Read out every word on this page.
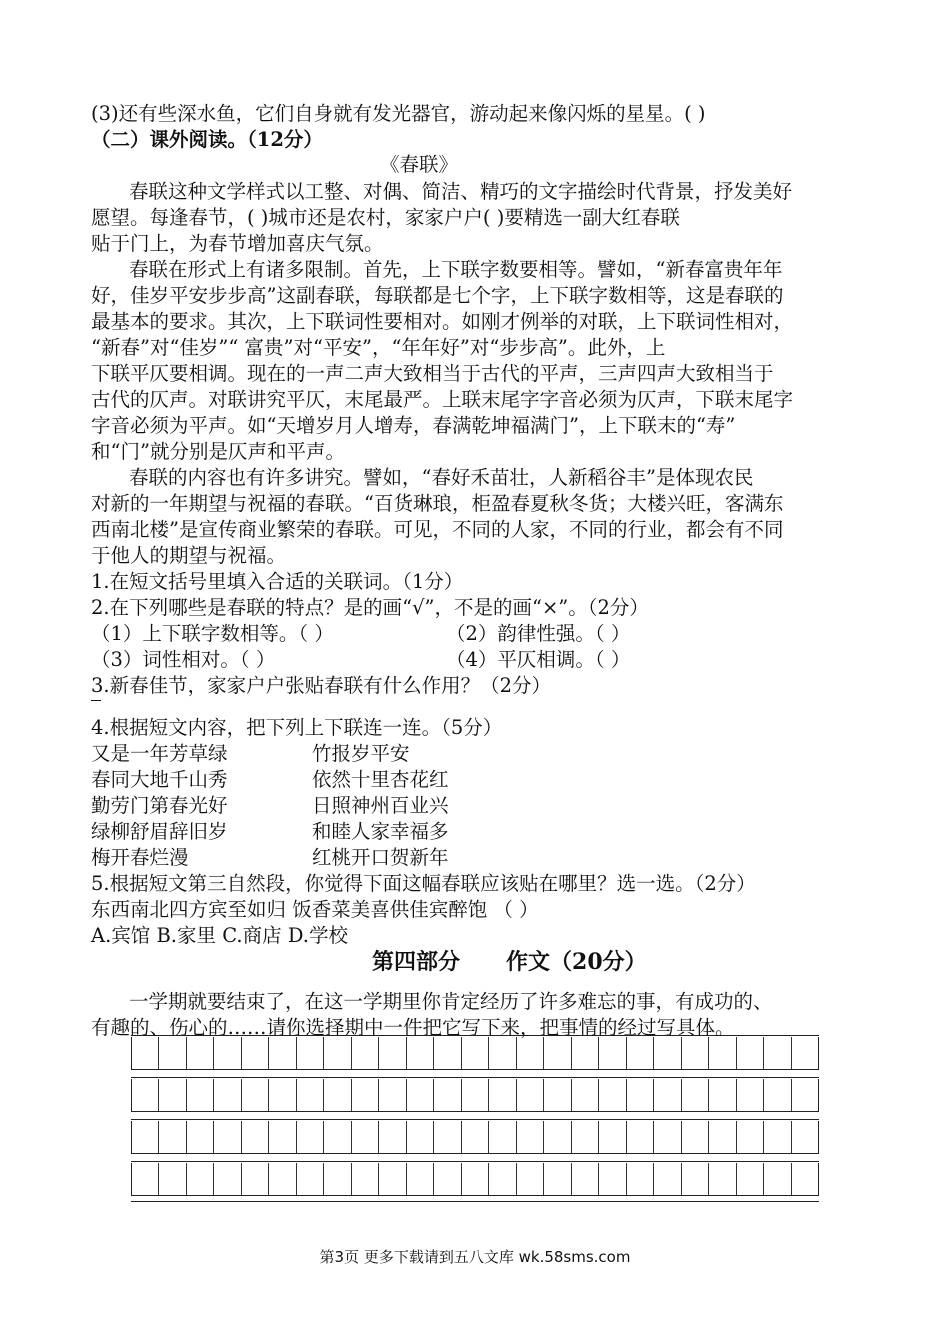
(3)还有些深水鱼，它们自身就有发光器官，游动起来像闪烁的星星。( )
（二）课外阅读。（12分）
《春联》
春联这种文学样式以工整、对偶、简洁、精巧的文字描绘时代背景，抒发美好
愿望。每逢春节，( )城市还是农村，家家户户( )要精选一副大红春联
贴于门上，为春节增加喜庆气氛。
春联在形式上有诸多限制。首先，上下联字数要相等。譬如，“新春富贵年年
好，佳岁平安步步高”这副春联，每联都是七个字，上下联字数相等，这是春联的
最基本的要求。其次，上下联词性要相对。如刚才例举的对联，上下联词性相对，
“新春”对“佳岁”“ 富贵”对“平安”，“年年好”对“步步高”。此外，上
下联平仄要相调。现在的一声二声大致相当于古代的平声，三声四声大致相当于
古代的仄声。对联讲究平仄，末尾最严。上联末尾字字音必须为仄声，下联末尾字
字音必须为平声。如“天增岁月人增寿，春满乾坤福满门”，上下联末的“寿”
和“门”就分别是仄声和平声。
春联的内容也有许多讲究。譬如，“春好禾苗壮，人新稻谷丰”是体现农民
对新的一年期望与祝福的春联。“百货琳琅，柜盈春夏秋冬货；大楼兴旺，客满东
西南北楼”是宣传商业繁荣的春联。可见，不同的人家，不同的行业，都会有不同
于他人的期望与祝福。
1.在短文括号里填入合适的关联词。（1分）
2.在下列哪些是春联的特点？是的画“√”，不是的画“×”。（2分）
（1）上下联字数相等。（ ）	（2）韵律性强。（ ）
（3）词性相对。（ ）	（4）平仄相调。（ ）
3.新春佳节，家家户户张贴春联有什么作用？（2分）
4.根据短文内容，把下列上下联连一连。（5分）
又是一年芳草绿	竹报岁平安
春同大地千山秀	依然十里杏花红
勤劳门第春光好	日照神州百业兴
绿柳舒眉辞旧岁	和睦人家幸福多
梅开春烂漫	红桃开口贺新年
5.根据短文第三自然段，你觉得下面这幅春联应该贴在哪里？选一选。（2分）
东西南北四方宾至如归 饭香菜美喜供佳宾醉饱 （ ）
A.宾馆 B.家里 C.商店 D.学校
第四部分 作文（20分）
一学期就要结束了，在这一学期里你肯定经历了许多难忘的事，有成功的、
有趣的、伤心的……请你选择期中一件把它写下来，把事情的经过写具体。
第3页 更多下载请到五八文库 wk.58sms.com
